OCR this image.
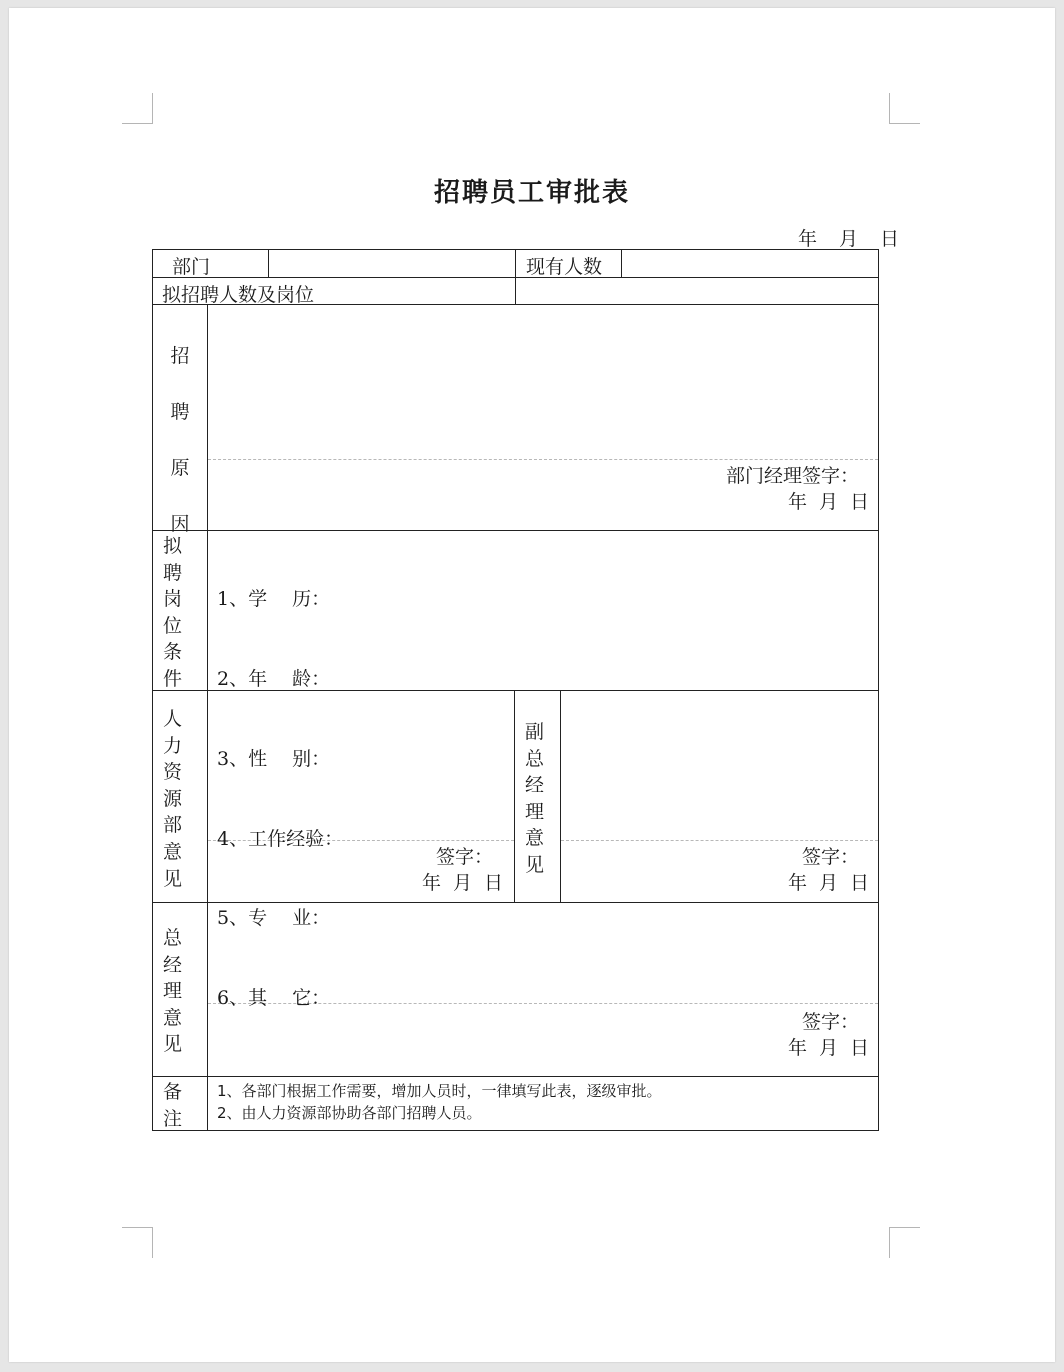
招聘员工审批表
年 月 日
部门	现有人数
拟招聘人数及岗位
招
聘
原
因
部门经理签字：
年 月 日
拟
聘
岗
位
条
件

1、学　 历：

2、年　 龄：

3、性　 别：

4、工作经验：

5、专　 业：

6、其　 它：

人
力
资
源
部
意
见
签字：
年 月 日
副
总
经
理
意
见	签字：
年 月 日
总
经
理
意
见
签字：
年 月 日
备
注
1、各部门根据工作需要，增加人员时，一律填写此表，逐级审批。
2、由人力资源部协助各部门招聘人员。
